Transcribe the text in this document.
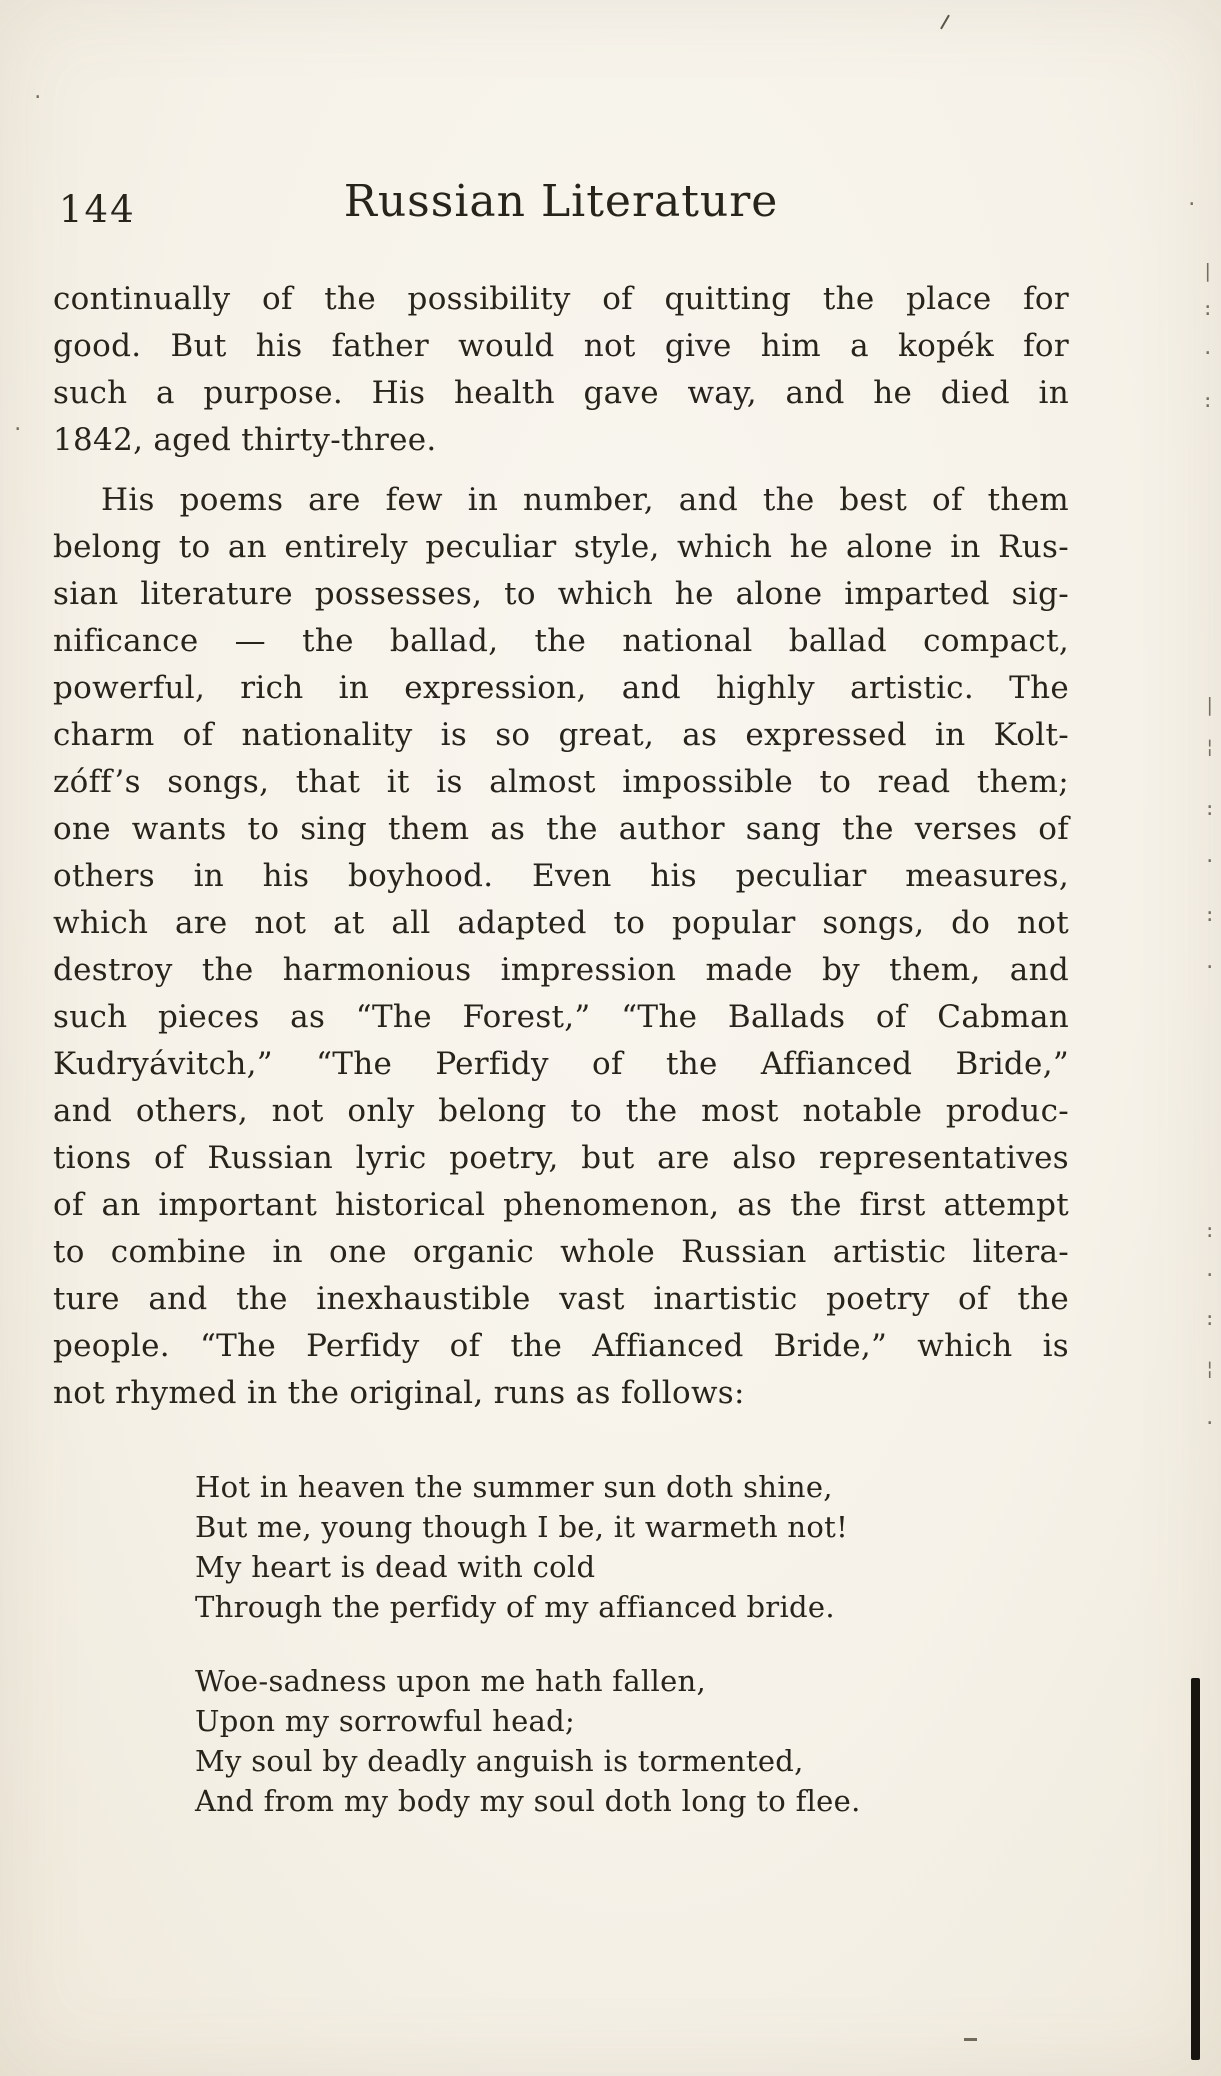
144	Russian Literature
continually of the possibility of quitting the place for
good. But his father would not give him a kopék for
such a purpose. His health gave way, and he died in
1842, aged thirty-three.
His poems are few in number, and the best of them
belong to an entirely peculiar style, which he alone in Rus-
sian literature possesses, to which he alone imparted sig-
nificance — the ballad, the national ballad compact,
powerful, rich in expression, and highly artistic. The
charm of nationality is so great, as expressed in Kolt-
zóff’s songs, that it is almost impossible to read them;
one wants to sing them as the author sang the verses of
others in his boyhood. Even his peculiar measures,
which are not at all adapted to popular songs, do not
destroy the harmonious impression made by them, and
such pieces as “The Forest,” “The Ballads of Cabman
Kudryávitch,” “The Perfidy of the Affianced Bride,”
and others, not only belong to the most notable produc-
tions of Russian lyric poetry, but are also representatives
of an important historical phenomenon, as the first attempt
to combine in one organic whole Russian artistic litera-
ture and the inexhaustible vast inartistic poetry of the
people. “The Perfidy of the Affianced Bride,” which is
not rhymed in the original, runs as follows:
Hot in heaven the summer sun doth shine,
But me, young though I be, it warmeth not!
My heart is dead with cold
Through the perfidy of my affianced bride.
Woe-sadness upon me hath fallen,
Upon my sorrowful head;
My soul by deadly anguish is tormented,
And from my body my soul doth long to flee.
|
:
·
:
|
¦
:
·
:
·
:
·
:
¦
·
·
·
·
